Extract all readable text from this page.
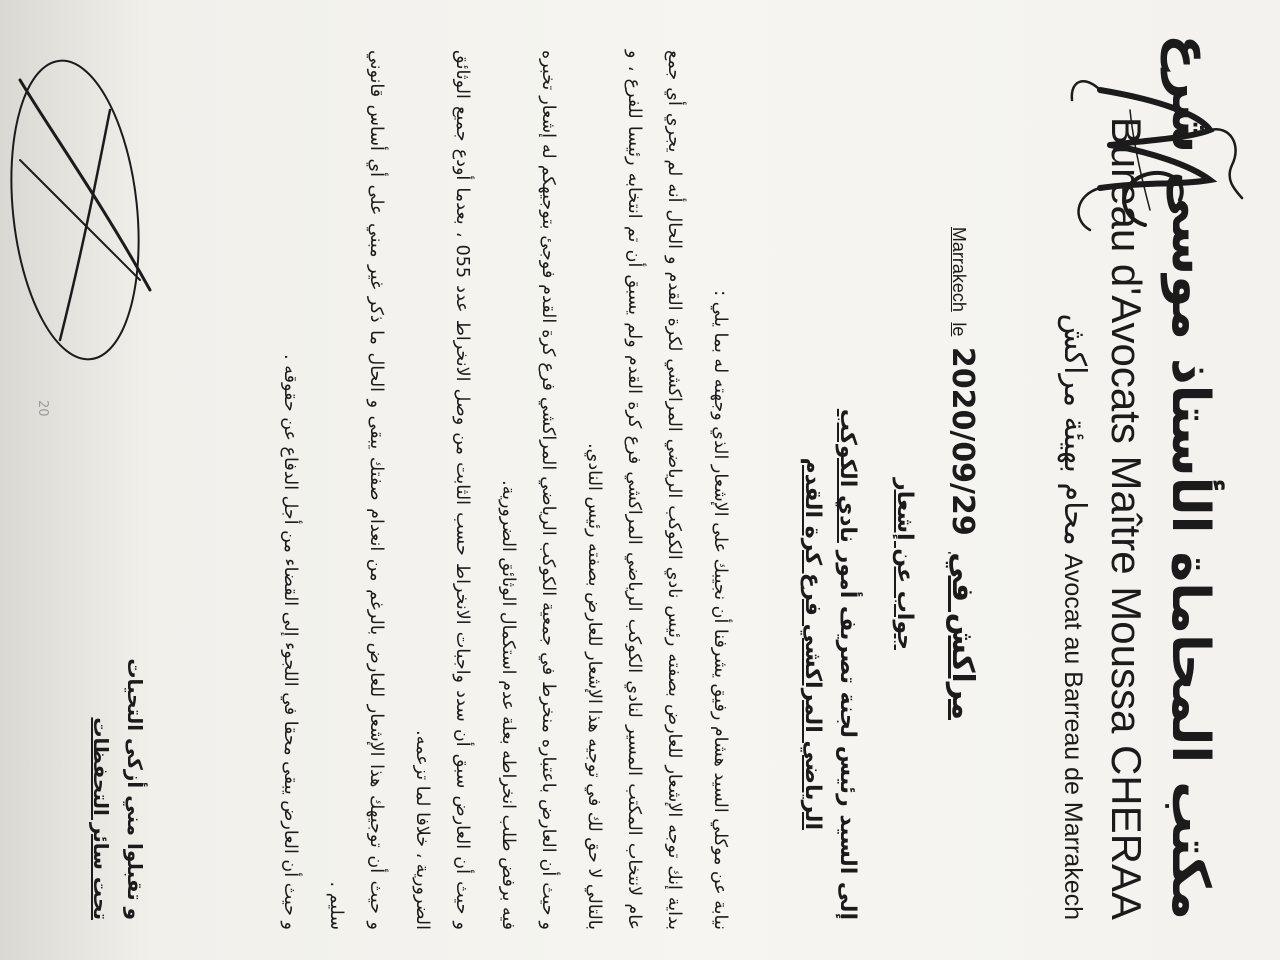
مكتب المحاماة الأستاذ موسى شرع
Bureau d'Avocats Maître Moussa CHERAA
محام بهيئة مراكش Avocat au Barreau de Marrakech
Marrakech le 2020/09/29 مراكش في
جواب عن إشعار
إلى السيد رئيس لجنة تصريف أمور نادي الكوكب
الرياضي المراكشي فرع كرة القدم

نيابة عن موكلي السيد هشام رفيق يشرفنا أن نجيبك على الإشعار الذي وجهته له بما يلي :

بداية إنك توجه الإشعار للعارض بصفته رئيس نادي الكوكب الرياضي المراكشي لكرة القدم و الحال أنه لم يجري أي جمع عام لانتخاب المكتب المسير لنادي الكوكب الرياضي المراكشي فرع كرة القدم ولم يسبق أن تم انتخابه رئيسا للفرع ، و بالتالي لا حق لك في توجيه هذا الإشعار للعارض بصفته رئيس النادي.

و حيث أن العارض باعتباره منخرط في جمعية الكوكب الرياضي المراكشي فرع كرة القدم فوجئ بتوجيهكم له إشعار تخبره فيه برفض طلب انخراطه بعلة عدم استكمال الوثائق الضرورية.

و حيث أن العارض سبق أن سدد واجبات الانخراط حسب الثابت من وصل الانخراط عدد 055 ، بعدما أودع جميع الوثائق الضرورية ، خلافا لما تزعمه.

و حيث أن توجيهك هذا الإشعار للعارض بالرغم من انعدام صفتك يبقى و الحال ما ذكر غير مبني على أي أساس قانوني سليم .

و حيث أن العارض يبقى محقا في اللجوء إلى القضاء من أجل الدفاع عن حقوقه .

و تقبلوا مني أزكى التحيات
تحت سائر التحفظات
20
